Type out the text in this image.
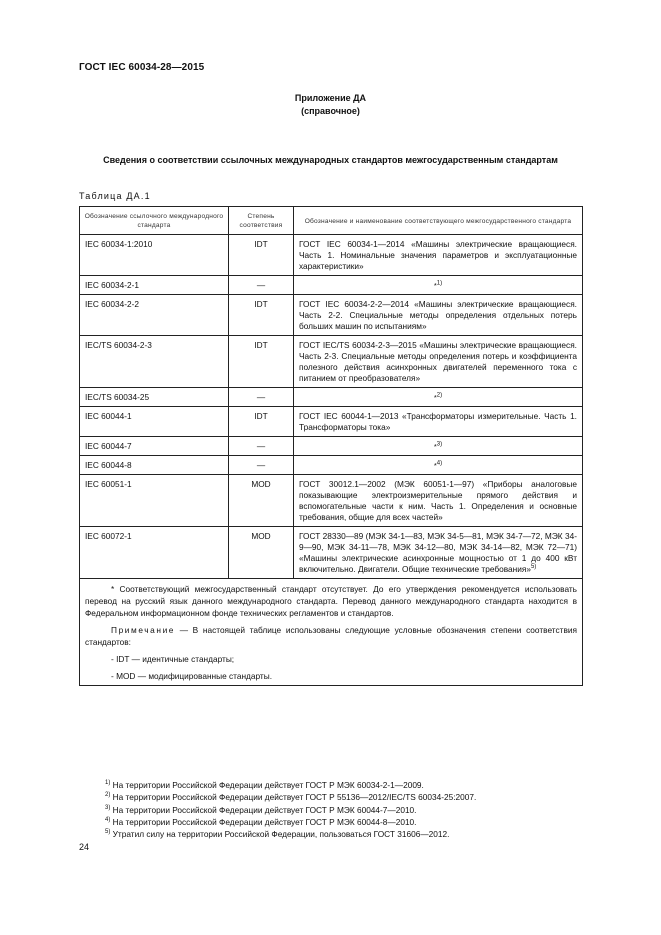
ГОСТ IEC 60034-28—2015
Приложение ДА
(справочное)
Сведения о соответствии ссылочных международных стандартов межгосударственным стандартам
Таблица ДА.1
Обозначение ссылочного международного стандарта	Степень соответствия	Обозначение и наименование соответствующего межгосударственного стандарта
IEC 60034-1:2010	IDT	ГОСТ IEC 60034-1—2014 «Машины электрические вращающиеся. Часть 1. Номинальные значения параметров и эксплуатационные характеристики»
IEC 60034-2-1	—	*$^{1)}$
IEC 60034-2-2	IDT	ГОСТ IEC 60034-2-2—2014 «Машины электрические вращающиеся. Часть 2-2. Специальные методы определения отдельных потерь больших машин по испытаниям»
IEC/TS 60034-2-3	IDT	ГОСТ IEC/TS 60034-2-3—2015 «Машины электрические вращающиеся. Часть 2-3. Специальные методы определения потерь и коэффициента полезного действия асинхронных двигателей переменного тока с питанием от преобразователя»
IEC/TS 60034-25	—	*$^{2)}$
IEC 60044-1	IDT	ГОСТ IEC 60044-1—2013 «Трансформаторы измерительные. Часть 1. Трансформаторы тока»
IEC 60044-7	—	*$^{3)}$
IEC 60044-8	—	*$^{4)}$
IEC 60051-1	MOD	ГОСТ 30012.1—2002 (МЭК 60051-1—97) «Приборы аналоговые показывающие электроизмерительные прямого действия и вспомогательные части к ним. Часть 1. Определения и основные требования, общие для всех частей»
IEC 60072-1	MOD	ГОСТ 28330—89 (МЭК 34-1—83, МЭК 34-5—81, МЭК 34-7—72, МЭК 34-9—90, МЭК 34-11—78, МЭК 34-12—80, МЭК 34-14—82, МЭК 72—71) «Машины электрические асинхронные мощностью от 1 до 400 кВт включительно. Двигатели. Общие технические требования»$^{5)}$

* Соответствующий межгосударственный стандарт отсутствует. До его утверждения рекомендуется использовать перевод на русский язык данного международного стандарта. Перевод данного международного стандарта находится в Федеральном информационном фонде технических регламентов и стандартов.

Примечание — В настоящей таблице использованы следующие условные обозначения степени соответствия стандартов:

- IDT — идентичные стандарты;
- MOD — модифицированные стандарты.		
$^{1)}$ На территории Российской Федерации действует ГОСТ Р МЭК 60034-2-1—2009.
$^{2)}$ На территории Российской Федерации действует ГОСТ Р 55136—2012/IEC/TS 60034-25:2007.
$^{3)}$ На территории Российской Федерации действует ГОСТ Р МЭК 60044-7—2010.
$^{4)}$ На территории Российской Федерации действует ГОСТ Р МЭК 60044-8—2010.
$^{5)}$ Утратил силу на территории Российской Федерации, пользоваться ГОСТ 31606—2012.
24
